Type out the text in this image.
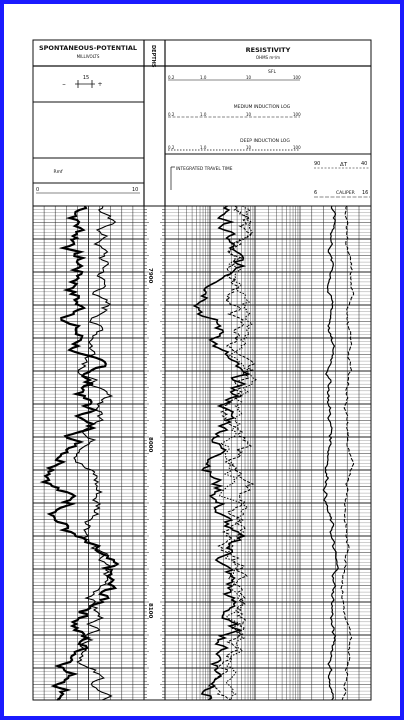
SPONTANEOUS-POTENTIAL
MILLIVOLTS
–
15
+
Rmf
0	10
DEPTHS	RESISTIVITY
OHMS m²/m
SFL
0.2	1.0	10	100
MEDIUM INDUCTION LOG
0.2	1.0	10	100
DEEP INDUCTION LOG
0.2	1.0	10	100
INTEGRATED TRAVEL TIME
90	ΔT	40
6	CALIPER 16
7900
8000
8100
